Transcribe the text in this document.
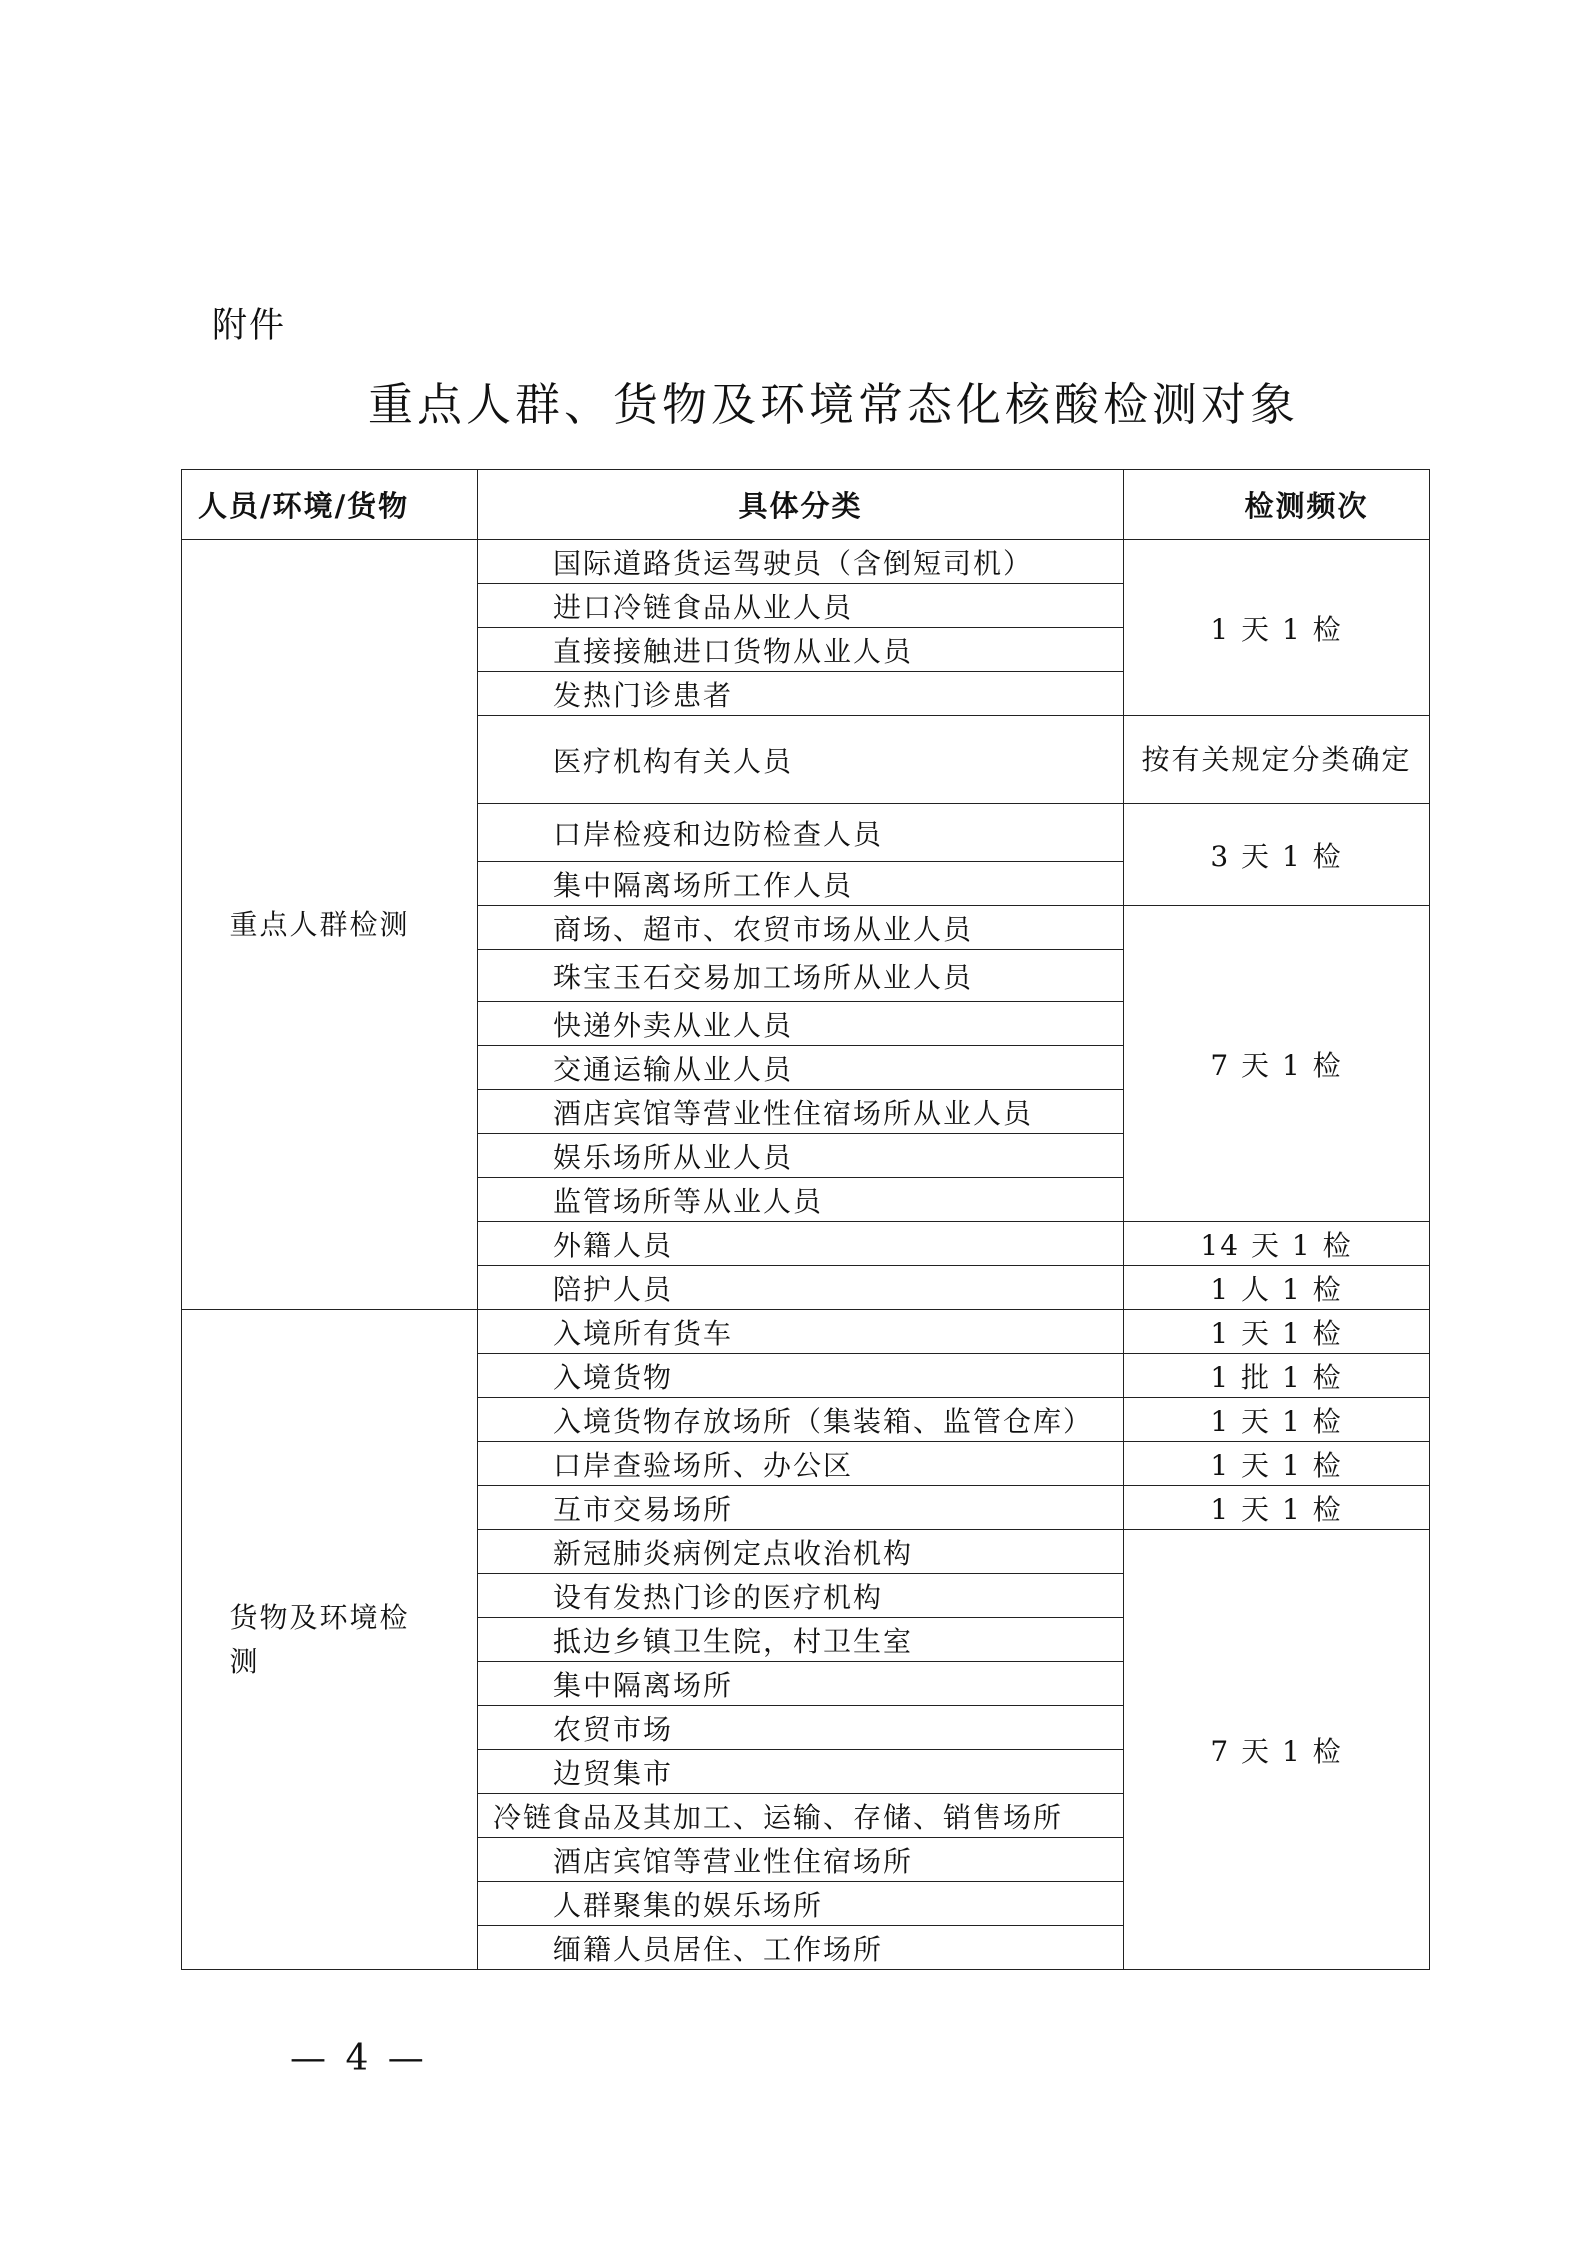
附件
重点人群、货物及环境常态化核酸检测对象
人员/环境/货物	具体分类	检测频次
重点人群检测	国际道路货运驾驶员（含倒短司机）	1 天 1 检
	进口冷链食品从业人员	
	直接接触进口货物从业人员	
	发热门诊患者	
	医疗机构有关人员	按有关规定分类确定
	口岸检疫和边防检查人员	3 天 1 检
	集中隔离场所工作人员	
	商场、超市、农贸市场从业人员	7 天 1 检
	珠宝玉石交易加工场所从业人员	
	快递外卖从业人员	
	交通运输从业人员	
	酒店宾馆等营业性住宿场所从业人员	
	娱乐场所从业人员	
	监管场所等从业人员	
	外籍人员	14 天 1 检
	陪护人员	1 人 1 检
货物及环境检测	入境所有货车	1 天 1 检
	入境货物	1 批 1 检
	入境货物存放场所（集装箱、监管仓库）	1 天 1 检
	口岸查验场所、办公区	1 天 1 检
	互市交易场所	1 天 1 检
	新冠肺炎病例定点收治机构	7 天 1 检
	设有发热门诊的医疗机构	
	抵边乡镇卫生院，村卫生室	
	集中隔离场所	
	农贸市场	
	边贸集市	
	冷链食品及其加工、运输、存储、销售场所	
	酒店宾馆等营业性住宿场所	
	人群聚集的娱乐场所	
	缅籍人员居住、工作场所	
— 4 —
